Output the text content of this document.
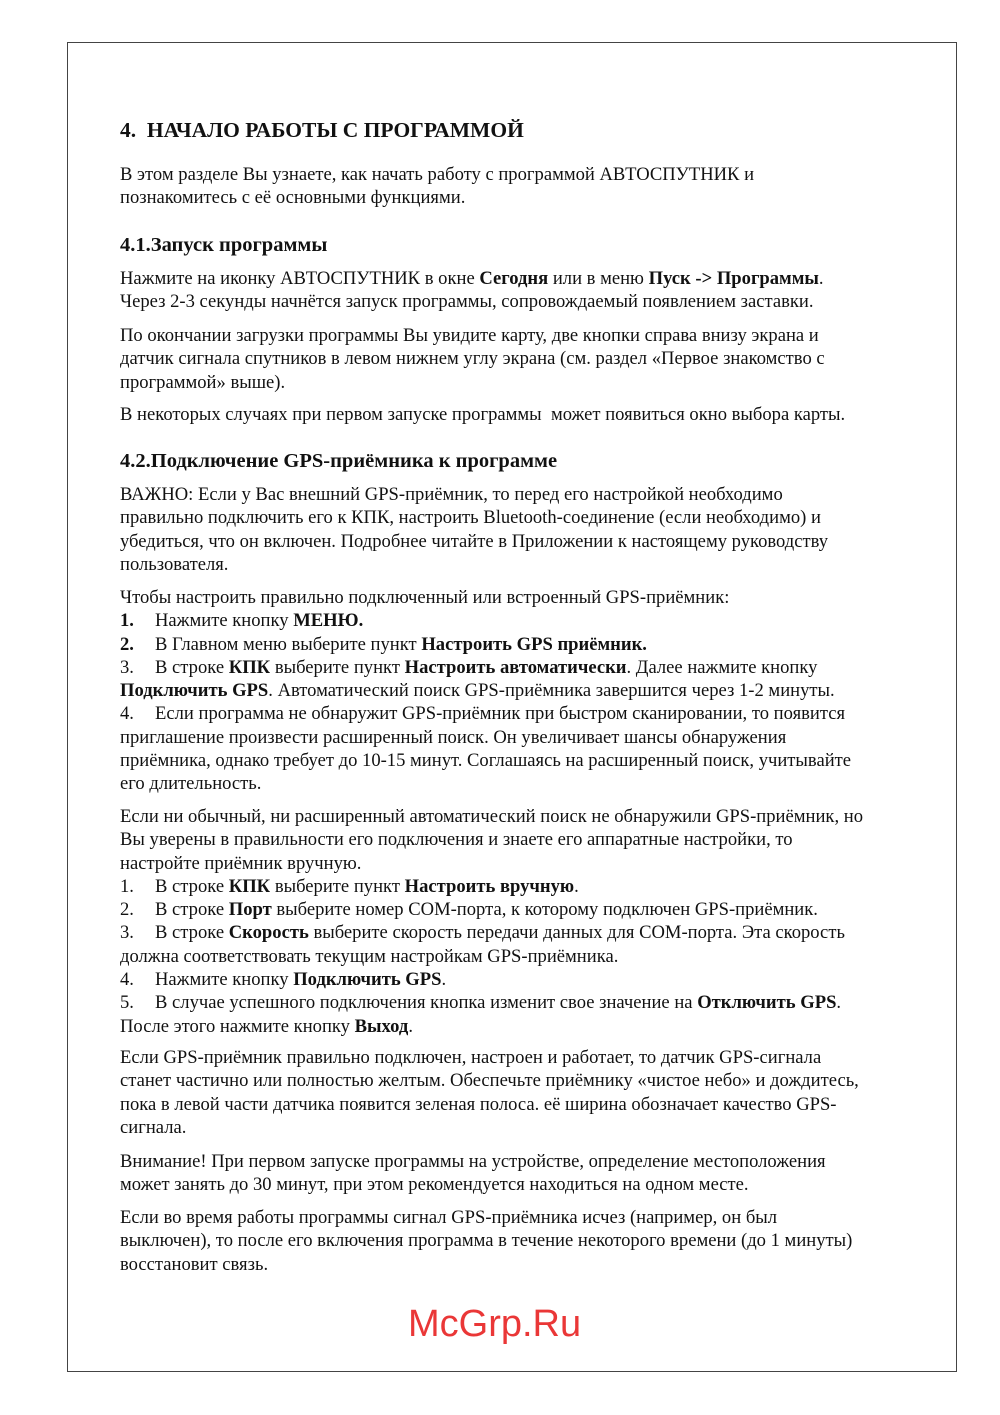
4.  НАЧАЛО РАБОТЫ С ПРОГРАММОЙ
В этом разделе Вы узнаете, как начать работу с программой АВТОСПУТНИК и
познакомитесь с её основными функциями.
4.1.Запуск программы
Нажмите на иконку АВТОСПУТНИК в окне Сегодня или в меню Пуск -> Программы.
Через 2-3 секунды начнётся запуск программы, сопровождаемый появлением заставки.
По окончании загрузки программы Вы увидите карту, две кнопки справа внизу экрана и
датчик сигнала спутников в левом нижнем углу экрана (см. раздел «Первое знакомство с
программой» выше).
В некоторых случаях при первом запуске программы  может появиться окно выбора карты.
4.2.Подключение GPS-приёмника к программе
ВАЖНО: Если у Вас внешний GPS-приёмник, то перед его настройкой необходимо
правильно подключить его к КПК, настроить Bluetooth-соединение (если необходимо) и
убедиться, что он включен. Подробнее читайте в Приложении к настоящему руководству
пользователя.
Чтобы настроить правильно подключенный или встроенный GPS-приёмник:
1. Нажмите кнопку МЕНЮ.
2. В Главном меню выберите пункт Настроить GPS приёмник.
3. В строке КПК выберите пункт Настроить автоматически. Далее нажмите кнопку
Подключить GPS. Автоматический поиск GPS-приёмника завершится через 1-2 минуты.
4. Если программа не обнаружит GPS-приёмник при быстром сканировании, то появится
приглашение произвести расширенный поиск. Он увеличивает шансы обнаружения
приёмника, однако требует до 10-15 минут. Соглашаясь на расширенный поиск, учитывайте
его длительность.
Если ни обычный, ни расширенный автоматический поиск не обнаружили GPS-приёмник, но
Вы уверены в правильности его подключения и знаете его аппаратные настройки, то
настройте приёмник вручную.
1. В строке КПК выберите пункт Настроить вручную.
2. В строке Порт выберите номер COM-порта, к которому подключен GPS-приёмник.
3. В строке Скорость выберите скорость передачи данных для COM-порта. Эта скорость
должна соответствовать текущим настройкам GPS-приёмника.
4. Нажмите кнопку Подключить GPS.
5. В случае успешного подключения кнопка изменит свое значение на Отключить GPS.
После этого нажмите кнопку Выход.
Если GPS-приёмник правильно подключен, настроен и работает, то датчик GPS-сигнала
станет частично или полностью желтым. Обеспечьте приёмнику «чистое небо» и дождитесь,
пока в левой части датчика появится зеленая полоса. её ширина обозначает качество GPS-
сигнала.
Внимание! При первом запуске программы на устройстве, определение местоположения
может занять до 30 минут, при этом рекомендуется находиться на одном месте.
Если во время работы программы сигнал GPS-приёмника исчез (например, он был
выключен), то после его включения программа в течение некоторого времени (до 1 минуты)
восстановит связь.
McGrp.Ru
